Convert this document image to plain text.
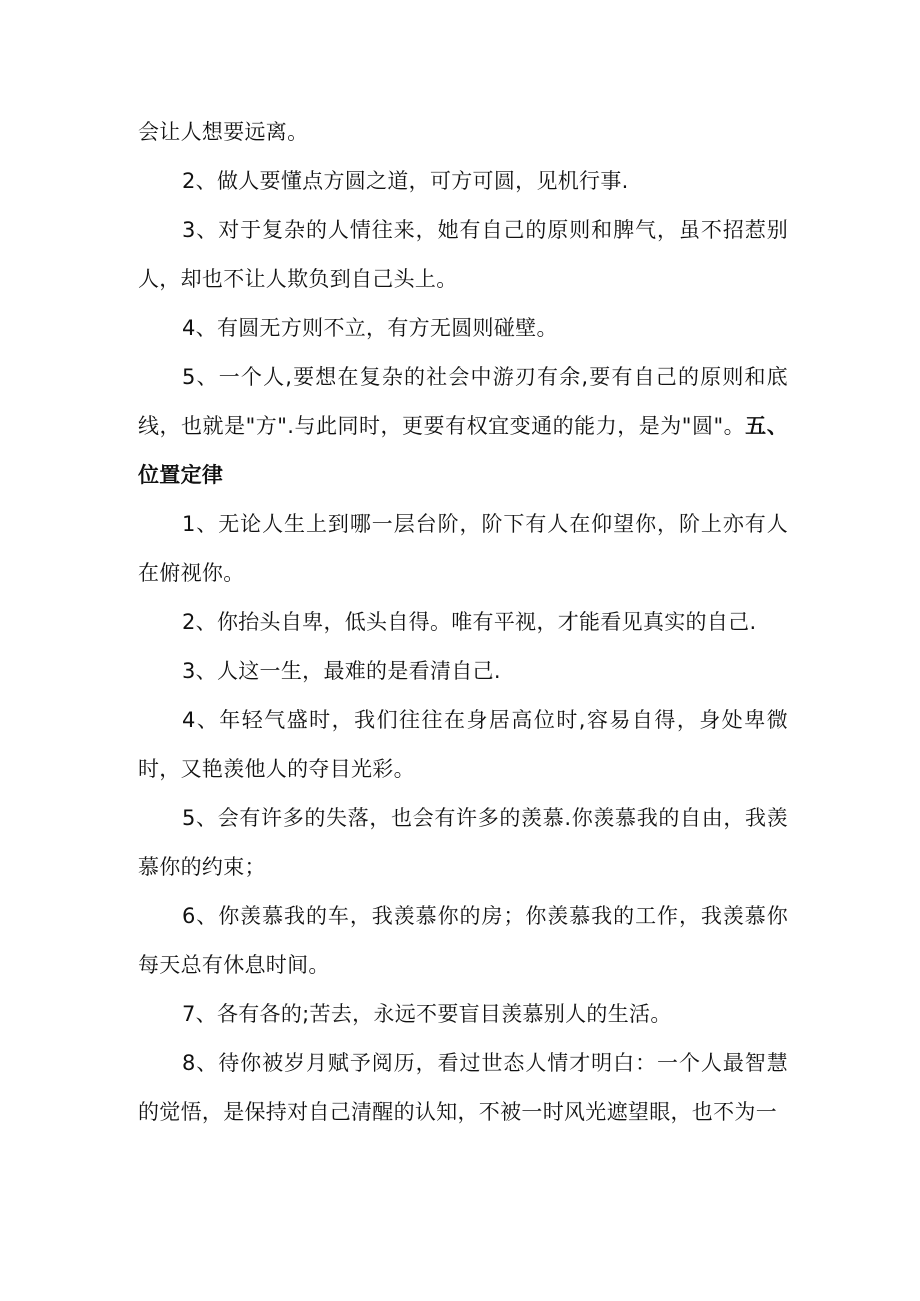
会让人想要远离。

2、做人要懂点方圆之道，可方可圆，见机行事.

3、对于复杂的人情往来，她有自己的原则和脾气，虽不招惹别人，却也不让人欺负到自己头上。

4、有圆无方则不立，有方无圆则碰壁。

5、一个人,要想在复杂的社会中游刃有余,要有自己的原则和底线，也就是"方".与此同时，更要有权宜变通的能力，是为"圆"。五、位置定律

1、无论人生上到哪一层台阶，阶下有人在仰望你，阶上亦有人在俯视你。

2、你抬头自卑，低头自得。唯有平视，才能看见真实的自己.

3、人这一生，最难的是看清自己.

4、年轻气盛时，我们往往在身居高位时,容易自得，身处卑微时，又艳羡他人的夺目光彩。

5、会有许多的失落，也会有许多的羡慕.你羡慕我的自由，我羡慕你的约束；

6、你羡慕我的车，我羡慕你的房；你羡慕我的工作，我羡慕你每天总有休息时间。

7、各有各的;苦去，永远不要盲目羡慕别人的生活。

8、待你被岁月赋予阅历，看过世态人情才明白：一个人最智慧的觉悟，是保持对自己清醒的认知，不被一时风光遮望眼，也不为一
